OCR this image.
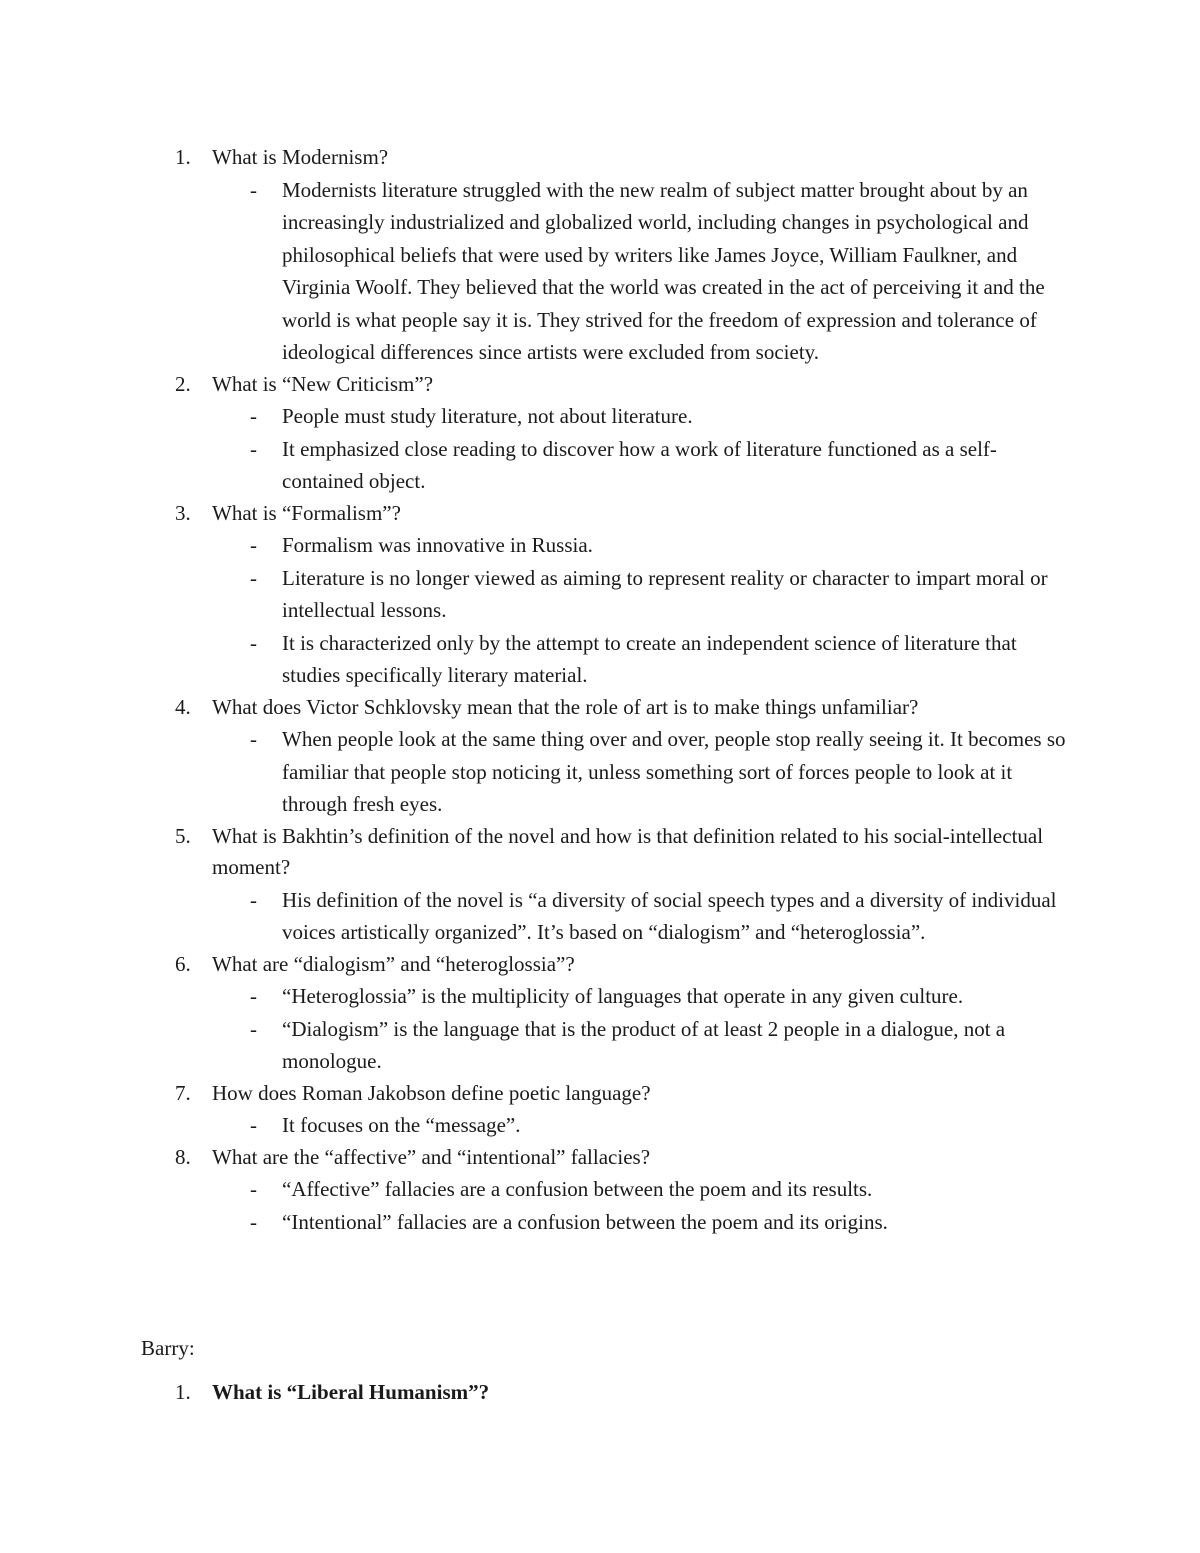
1. What is Modernism?
- Modernists literature struggled with the new realm of subject matter brought about by an increasingly industrialized and globalized world, including changes in psychological and philosophical beliefs that were used by writers like James Joyce, William Faulkner, and Virginia Woolf. They believed that the world was created in the act of perceiving it and the world is what people say it is. They strived for the freedom of expression and tolerance of ideological differences since artists were excluded from society.
2. What is “New Criticism”?
- People must study literature, not about literature.
- It emphasized close reading to discover how a work of literature functioned as a self-contained object.
3. What is “Formalism”?
- Formalism was innovative in Russia.
- Literature is no longer viewed as aiming to represent reality or character to impart moral or intellectual lessons.
- It is characterized only by the attempt to create an independent science of literature that studies specifically literary material.
4. What does Victor Schklovsky mean that the role of art is to make things unfamiliar?
- When people look at the same thing over and over, people stop really seeing it. It becomes so familiar that people stop noticing it, unless something sort of forces people to look at it through fresh eyes.
5. What is Bakhtin’s definition of the novel and how is that definition related to his social-intellectual moment?
- His definition of the novel is “a diversity of social speech types and a diversity of individual voices artistically organized”. It’s based on “dialogism” and “heteroglossia”.
6. What are “dialogism” and “heteroglossia”?
- “Heteroglossia” is the multiplicity of languages that operate in any given culture.
- “Dialogism” is the language that is the product of at least 2 people in a dialogue, not a monologue.
7. How does Roman Jakobson define poetic language?
- It focuses on the “message”.
8. What are the “affective” and “intentional” fallacies?
- “Affective” fallacies are a confusion between the poem and its results.
- “Intentional” fallacies are a confusion between the poem and its origins.
Barry:
1. What is “Liberal Humanism”?
